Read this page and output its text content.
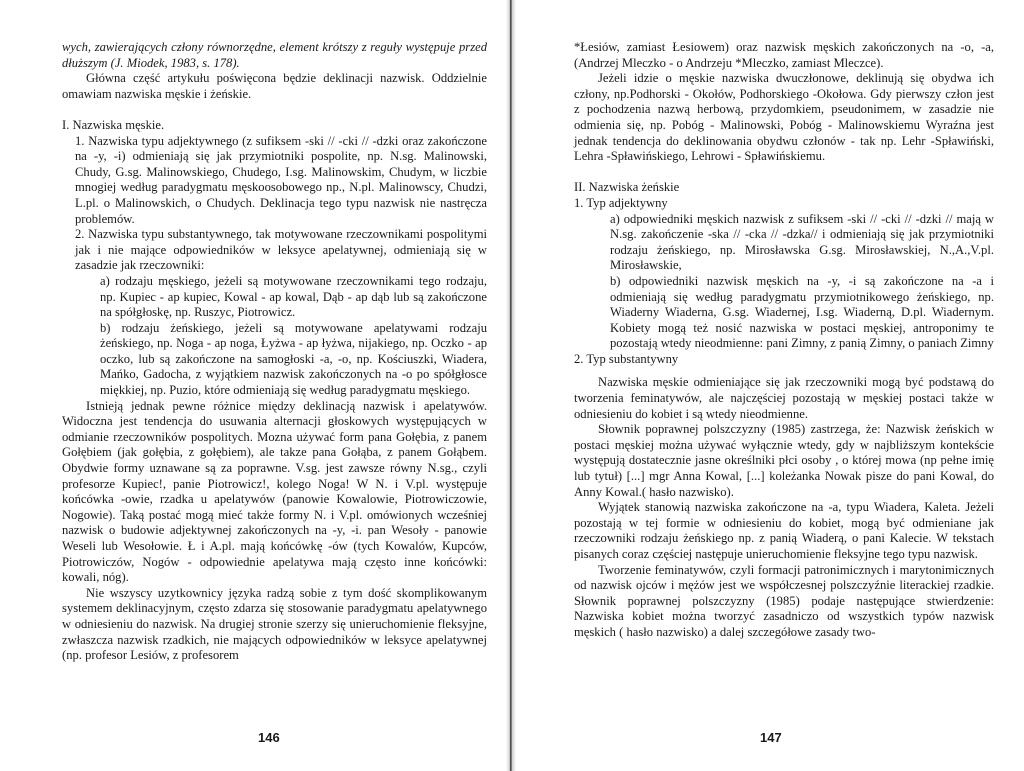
wych, zawierających człony równorzędne, element krótszy z reguły występuje przed dłuższym (J. Miodek, 1983, s. 178).

Główna część artykułu poświęcona będzie deklinacji nazwisk. Oddzielnie omawiam nazwiska męskie i żeńskie.

I. Nazwiska męskie.

1. Nazwiska typu adjektywnego (z sufiksem -ski // -cki // -dzki oraz zakończone na -y, -i) odmieniają się jak przymiotniki pospolite, np. N.sg. Malinowski, Chudy, G.sg. Malinowskiego, Chudego, I.sg. Malinowskim, Chudym, w liczbie mnogiej według paradygmatu męskoosobowego np., N.pl. Malinowscy, Chudzi, L.pl. o Malinowskich, o Chudych. Deklinacja tego typu nazwisk nie nastręcza problemów.

2. Nazwiska typu substantywnego, tak motywowane rzeczownikami pospolitymi jak i nie mające odpowiedników w leksyce apelatywnej, odmieniają się w zasadzie jak rzeczowniki:

a) rodzaju męskiego, jeżeli są motywowane rzeczownikami tego rodzaju, np. Kupiec - ap kupiec, Kowal - ap kowal, Dąb - ap dąb lub są zakończone na spółgłoskę, np. Ruszyc, Piotrowicz.

b) rodzaju żeńskiego, jeżeli są motywowane apelatywami rodzaju żeńskiego, np. Noga - ap noga, Łyżwa - ap łyżwa, nijakiego, np. Oczko - ap oczko, lub są zakończone na samogłoski -a, -o, np. Kościuszki, Wiadera, Mańko, Gadocha, z wyjątkiem nazwisk zakończonych na -o po spółgłosce miękkiej, np. Puzio, które odmieniają się według paradygmatu męskiego.

Istnieją jednak pewne różnice między deklinacją nazwisk i apelatywów. Widoczna jest tendencja do usuwania alternacji głoskowych występujących w odmianie rzeczowników pospolitych. Mozna używać form pana Gołębia, z panem Gołębiem (jak gołębia, z gołębiem), ale takze pana Gołąba, z panem Gołąbem. Obydwie formy uznawane są za poprawne. V.sg. jest zawsze równy N.sg., czyli profesorze Kupiec!, panie Piotrowicz!, kolego Noga! W N. i V.pl. występuje końcówka -owie, rzadka u apelatywów (panowie Kowalowie, Piotrowiczowie, Nogowie). Taką postać mogą mieć także formy N. i V.pl. omówionych wcześniej nazwisk o budowie adjektywnej zakończonych na -y, -i. pan Wesoły - panowie Weseli lub Wesołowie. Ł i A.pl. mają końcówkę -ów (tych Kowalów, Kupców, Piotrowiczów, Nogów - odpowiednie apelatywa mają często inne końcówki: kowali, nóg).

Nie wszyscy uzytkownicy języka radzą sobie z tym dość skomplikowanym systemem deklinacyjnym, często zdarza się stosowanie paradygmatu apelatywnego w odniesieniu do nazwisk. Na drugiej stronie szerzy się unieruchomienie fleksyjne, zwłaszcza nazwisk rzadkich, nie mających odpowiedników w leksyce apelatywnej (np. profesor Lesiów, z profesorem

146

*Łesiów, zamiast Łesiowem) oraz nazwisk męskich zakończonych na -o, -a, (Andrzej Mleczko - o Andrzeju *Mleczko, zamiast Mleczce).

Jeżeli idzie o męskie nazwiska dwuczłonowe, deklinują się obydwa ich człony, np.Podhorski - Okołów, Podhorskiego -Okołowa. Gdy pierwszy człon jest z pochodzenia nazwą herbową, przydomkiem, pseudonimem, w zasadzie nie odmienia się, np. Pobóg - Malinowski, Pobóg - Malinowskiemu Wyraźna jest jednak tendencja do deklinowania obydwu członów - tak np. Lehr -Spławiński, Lehra -Spławińskiego, Lehrowi - Spławińskiemu.

II. Nazwiska żeńskie

1. Typ adjektywny

a) odpowiedniki męskich nazwisk z sufiksem -ski // -cki // -dzki // mają w N.sg. zakończenie -ska // -cka // -dzka// i odmieniają się jak przymiotniki rodzaju żeńskiego, np. Mirosławska G.sg. Mirosławskiej, N.,A.,V.pl. Mirosławskie,

b) odpowiedniki nazwisk męskich na -y, -i są zakończone na -a i odmieniają się według paradygmatu przymiotnikowego żeńskiego, np. Wiaderny Wiaderna, G.sg. Wiadernej, I.sg. Wiaderną, D.pl. Wiadernym. Kobiety mogą też nosić nazwiska w postaci męskiej, antroponimy te pozostają wtedy nieodmienne: pani Zimny, z panią Zimny, o paniach Zimny

2. Typ substantywny

Nazwiska męskie odmieniające się jak rzeczowniki mogą być podstawą do tworzenia feminatywów, ale najczęściej pozostają w męskiej postaci także w odniesieniu do kobiet i są wtedy nieodmienne.

Słownik poprawnej polszczyzny (1985) zastrzega, że: Nazwisk żeńskich w postaci męskiej można używać wyłącznie wtedy, gdy w najbliższym kontekście występują dostatecznie jasne określniki płci osoby , o której mowa (np pełne imię lub tytuł) [...] mgr Anna Kowal, [...] koleżanka Nowak pisze do pani Kowal, do Anny Kowal.( hasło nazwisko).

Wyjątek stanowią nazwiska zakończone na -a, typu Wiadera, Kaleta. Jeżeli pozostają w tej formie w odniesieniu do kobiet, mogą być odmieniane jak rzeczowniki rodzaju żeńskiego np. z panią Wiaderą, o pani Kalecie. W tekstach pisanych coraz częściej następuje unieruchomienie fleksyjne tego typu nazwisk.

Tworzenie feminatywów, czyli formacji patronimicznych i marytonimicznych od nazwisk ojców i mężów jest we współczesnej polszczyźnie literackiej rzadkie. Słownik poprawnej polszczyzny (1985) podaje następujące stwierdzenie: Nazwiska kobiet można tworzyć zasadniczo od wszystkich typów nazwisk męskich ( hasło nazwisko) a dalej szczegółowe zasady two-

147
